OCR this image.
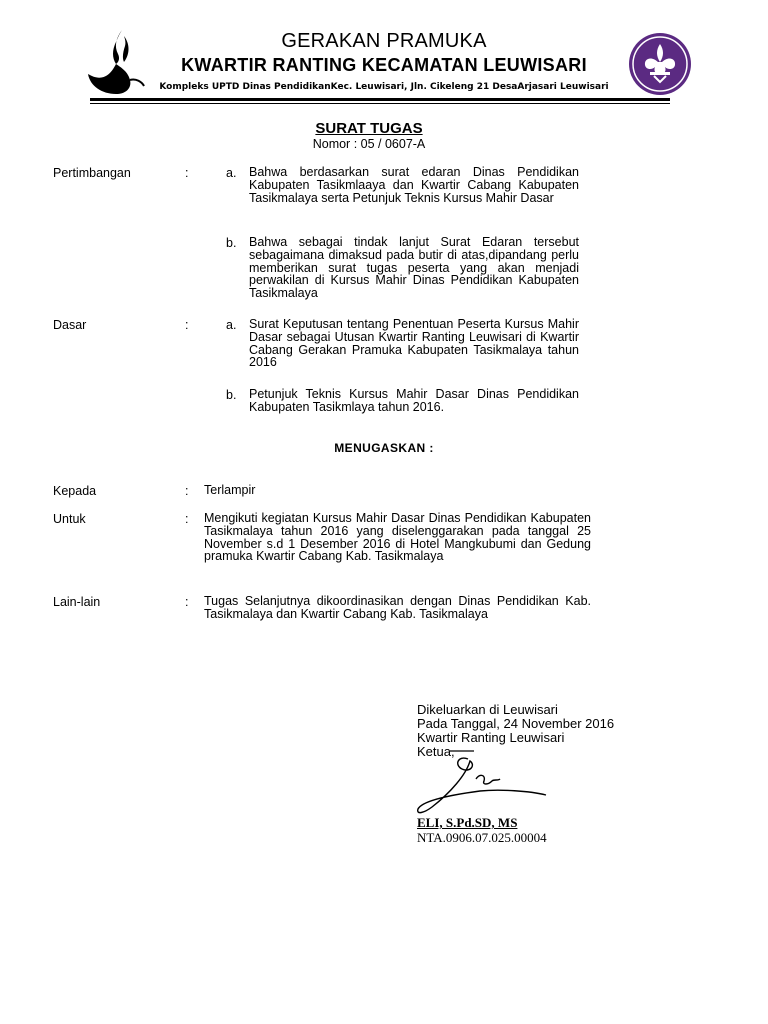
GERAKAN PRAMUKA
KWARTIR RANTING KECAMATAN LEUWISARI
Kompleks UPTD Dinas PendidikanKec. Leuwisari, Jln. Cikeleng 21 DesaArjasari Leuwisari
SURAT TUGAS
Nomor : 05 / 0607-A
Pertimbangan	:	a. Bahwa berdasarkan surat edaran Dinas Pendidikan Kabupaten Tasikmlaaya dan Kwartir Cabang Kabupaten Tasikmalaya serta Petunjuk Teknis Kursus Mahir Dasar
b. Bahwa sebagai tindak lanjut Surat Edaran tersebut sebagaimana dimaksud pada butir di atas,dipandang perlu memberikan surat tugas peserta yang akan menjadi perwakilan di Kursus Mahir Dinas Pendidikan Kabupaten Tasikmalaya
Dasar	:	a. Surat Keputusan tentang Penentuan Peserta Kursus Mahir Dasar sebagai Utusan Kwartir Ranting Leuwisari di Kwartir Cabang Gerakan Pramuka Kabupaten Tasikmalaya tahun 2016
b. Petunjuk Teknis Kursus Mahir Dasar Dinas Pendidikan Kabupaten Tasikmlaya tahun 2016.
MENUGASKAN :
Kepada	: Terlampir
Untuk	: Mengikuti kegiatan Kursus Mahir Dasar Dinas Pendidikan Kabupaten Tasikmalaya tahun 2016 yang diselenggarakan pada tanggal 25 November s.d 1 Desember 2016 di Hotel Mangkubumi dan Gedung pramuka Kwartir Cabang Kab. Tasikmalaya
Lain-lain	: Tugas Selanjutnya dikoordinasikan dengan Dinas Pendidikan Kab. Tasikmalaya dan Kwartir Cabang Kab. Tasikmalaya
Dikeluarkan di Leuwisari
Pada Tanggal, 24 November 2016
Kwartir Ranting Leuwisari
Ketua,
ELI, S.Pd.SD, MS
NTA.0906.07.025.00004
